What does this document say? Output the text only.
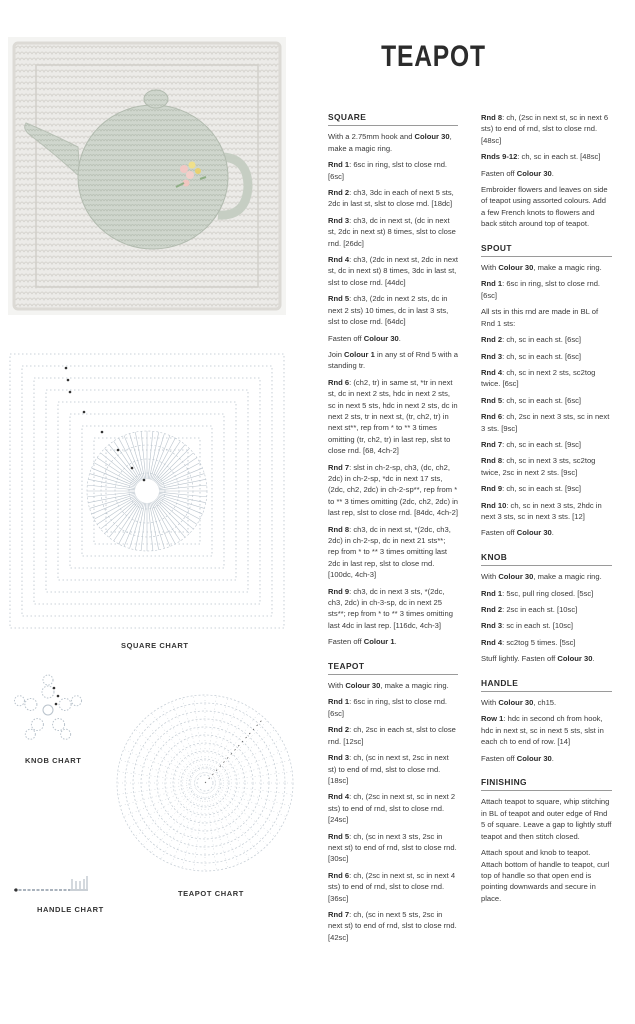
SQUARE CHART
KNOB CHART
TEAPOT CHART
HANDLE CHART
TEAPOT
SQUARE
With a 2.75mm hook and Colour 30, make a magic ring.
Rnd 1: 6sc in ring, slst to close rnd. [6sc]
Rnd 2: ch3, 3dc in each of next 5 sts, 2dc in last st, slst to close rnd. [18dc]
Rnd 3: ch3, dc in next st, (dc in next st, 2dc in next st) 8 times, slst to close rnd. [26dc]
Rnd 4: ch3, (2dc in next st, 2dc in next st, dc in next st) 8 times, 3dc in last st, slst to close rnd. [44dc]
Rnd 5: ch3, (2dc in next 2 sts, dc in next 2 sts) 10 times, dc in last 3 sts, slst to close rnd. [64dc]
Fasten off Colour 30.
Join Colour 1 in any st of Rnd 5 with a standing tr.
Rnd 6: (ch2, tr) in same st, *tr in next st, dc in next 2 sts, hdc in next 2 sts, sc in next 5 sts, hdc in next 2 sts, dc in next 2 sts, tr in next st, (tr, ch2, tr) in next st**, rep from * to ** 3 times omitting (tr, ch2, tr) in last rep, slst to close rnd. [68, 4ch-2]
Rnd 7: slst in ch-2-sp, ch3, (dc, ch2, 2dc) in ch-2-sp, *dc in next 17 sts, (2dc, ch2, 2dc) in ch-2-sp**, rep from * to ** 3 times omitting (2dc, ch2, 2dc) in last rep, slst to close rnd. [84dc, 4ch-2]
Rnd 8: ch3, dc in next st, *(2dc, ch3, 2dc) in ch-2-sp, dc in next 21 sts**; rep from * to ** 3 times omitting last 2dc in last rep, slst to close rnd. [100dc, 4ch-3]
Rnd 9: ch3, dc in next 3 sts, *(2dc, ch3, 2dc) in ch-3-sp, dc in next 25 sts**; rep from * to ** 3 times omitting last 4dc in last rep. [116dc, 4ch-3]
Fasten off Colour 1.
TEAPOT
With Colour 30, make a magic ring.
Rnd 1: 6sc in ring, slst to close rnd. [6sc]
Rnd 2: ch, 2sc in each st, slst to close rnd. [12sc]
Rnd 3: ch, (sc in next st, 2sc in next st) to end of rnd, slst to close rnd. [18sc]
Rnd 4: ch, (2sc in next st, sc in next 2 sts) to end of rnd, slst to close rnd. [24sc]
Rnd 5: ch, (sc in next 3 sts, 2sc in next st) to end of rnd, slst to close rnd. [30sc]
Rnd 6: ch, (2sc in next st, sc in next 4 sts) to end of rnd, slst to close rnd. [36sc]
Rnd 7: ch, (sc in next 5 sts, 2sc in next st) to end of rnd, slst to close rnd. [42sc]
Rnd 8: ch, (2sc in next st, sc in next 6 sts) to end of rnd, slst to close rnd. [48sc]
Rnds 9-12: ch, sc in each st. [48sc]
Fasten off Colour 30.
Embroider flowers and leaves on side of teapot using assorted colours. Add a few French knots to flowers and back stitch around top of teapot.
SPOUT
With Colour 30, make a magic ring.
Rnd 1: 6sc in ring, slst to close rnd. [6sc]
All sts in this rnd are made in BL of Rnd 1 sts:
Rnd 2: ch, sc in each st. [6sc]
Rnd 3: ch, sc in each st. [6sc]
Rnd 4: ch, sc in next 2 sts, sc2tog twice. [6sc]
Rnd 5: ch, sc in each st. [6sc]
Rnd 6: ch, 2sc in next 3 sts, sc in next 3 sts. [9sc]
Rnd 7: ch, sc in each st. [9sc]
Rnd 8: ch, sc in next 3 sts, sc2tog twice, 2sc in next 2 sts. [9sc]
Rnd 9: ch, sc in each st. [9sc]
Rnd 10: ch, sc in next 3 sts, 2hdc in next 3 sts, sc in next 3 sts. [12]
Fasten off Colour 30.
KNOB
With Colour 30, make a magic ring.
Rnd 1: 5sc, pull ring closed. [5sc]
Rnd 2: 2sc in each st. [10sc]
Rnd 3: sc in each st. [10sc]
Rnd 4: sc2tog 5 times. [5sc]
Stuff lightly. Fasten off Colour 30.
HANDLE
With Colour 30, ch15.
Row 1: hdc in second ch from hook, hdc in next st, sc in next 5 sts, slst in each ch to end of row. [14]
Fasten off Colour 30.
FINISHING
Attach teapot to square, whip stitching in BL of teapot and outer edge of Rnd 5 of square. Leave a gap to lightly stuff teapot and then stitch closed.
Attach spout and knob to teapot. Attach bottom of handle to teapot, curl top of handle so that open end is pointing downwards and secure in place.
